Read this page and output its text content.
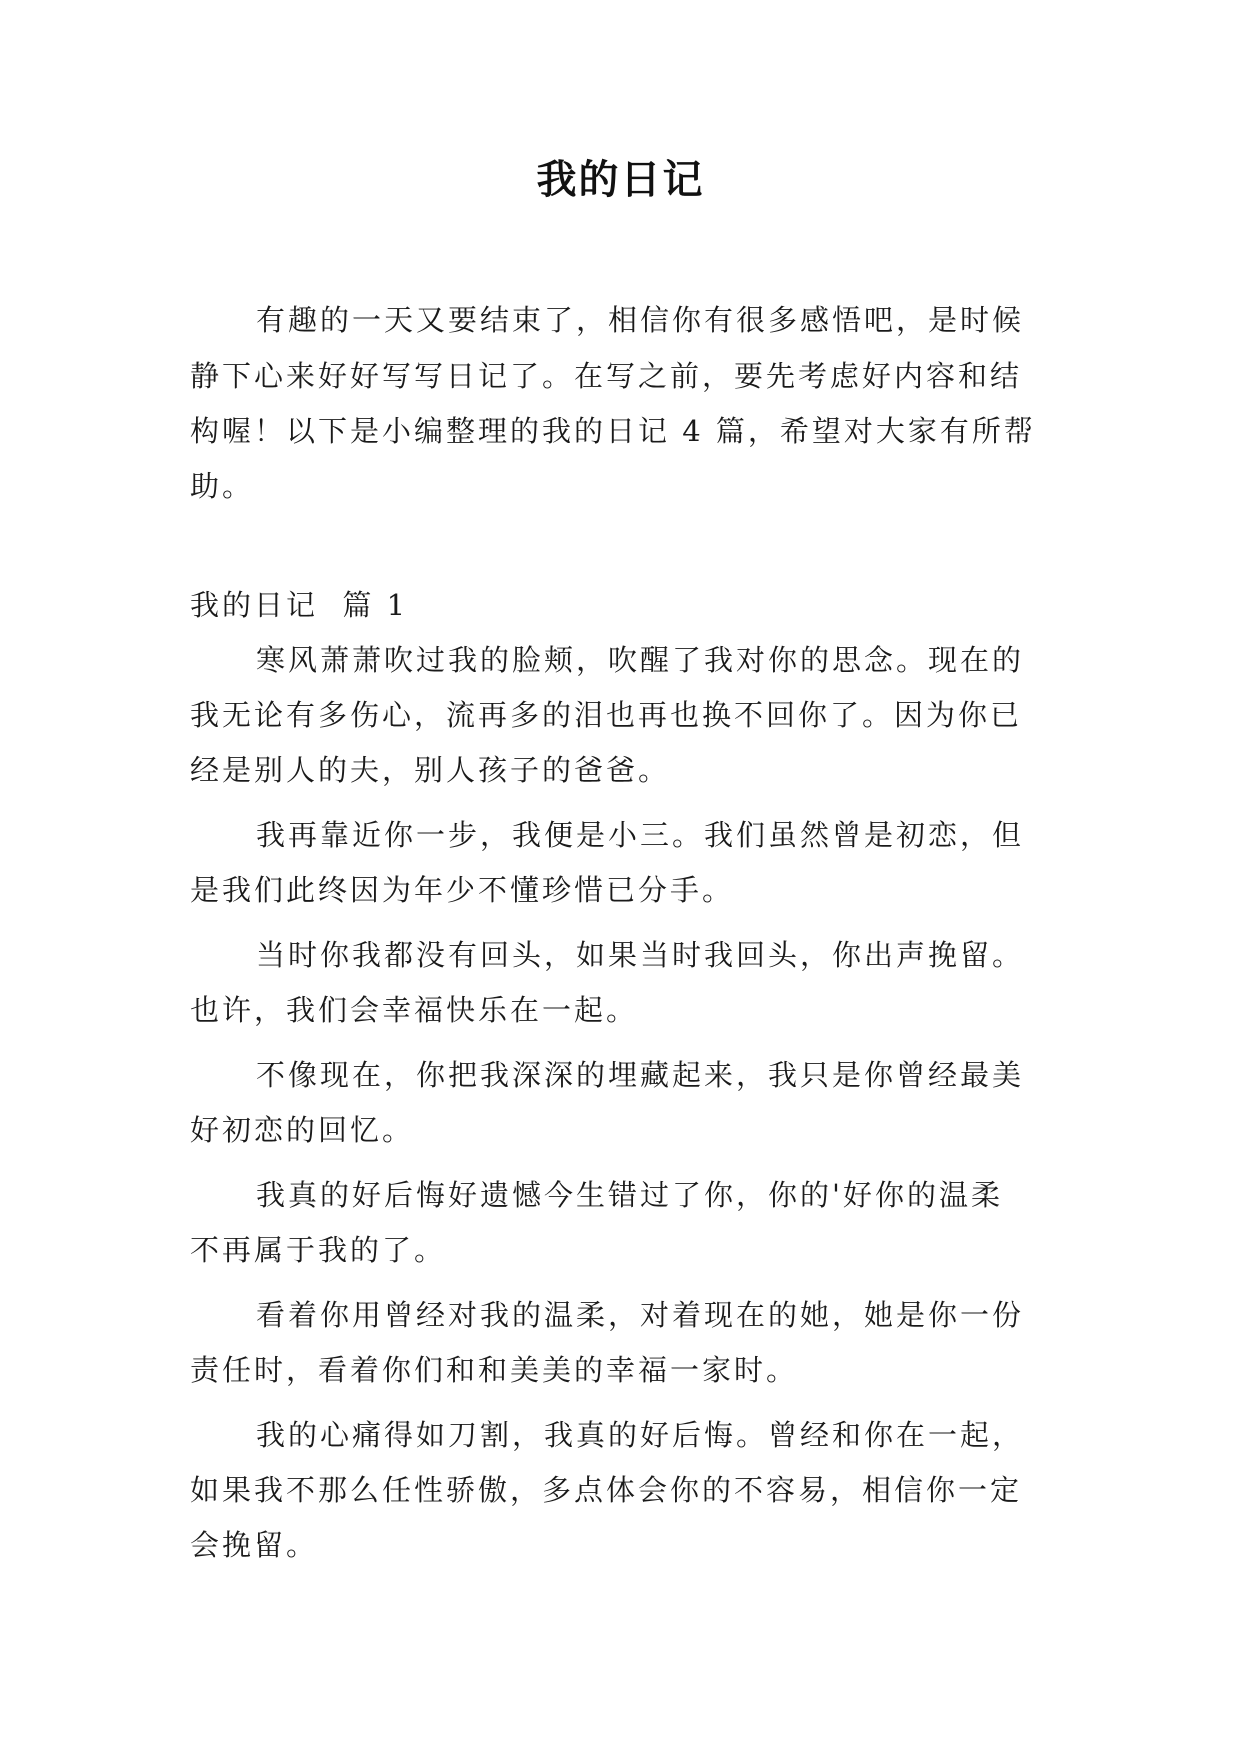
我的日记
有趣的一天又要结束了，相信你有很多感悟吧，是时候
静下心来好好写写日记了。在写之前，要先考虑好内容和结
构喔！以下是小编整理的我的日记 4 篇，希望对大家有所帮
助。
我的日记  篇 1
寒风萧萧吹过我的脸颊，吹醒了我对你的思念。现在的
我无论有多伤心，流再多的泪也再也换不回你了。因为你已
经是别人的夫，别人孩子的爸爸。
我再靠近你一步，我便是小三。我们虽然曾是初恋，但
是我们此终因为年少不懂珍惜已分手。
当时你我都没有回头，如果当时我回头，你出声挽留。
也许，我们会幸福快乐在一起。
不像现在，你把我深深的埋藏起来，我只是你曾经最美
好初恋的回忆。
我真的好后悔好遗憾今生错过了你，你的'好你的温柔
不再属于我的了。
看着你用曾经对我的温柔，对着现在的她，她是你一份
责任时，看着你们和和美美的幸福一家时。
我的心痛得如刀割，我真的好后悔。曾经和你在一起，
如果我不那么任性骄傲，多点体会你的不容易，相信你一定
会挽留。
